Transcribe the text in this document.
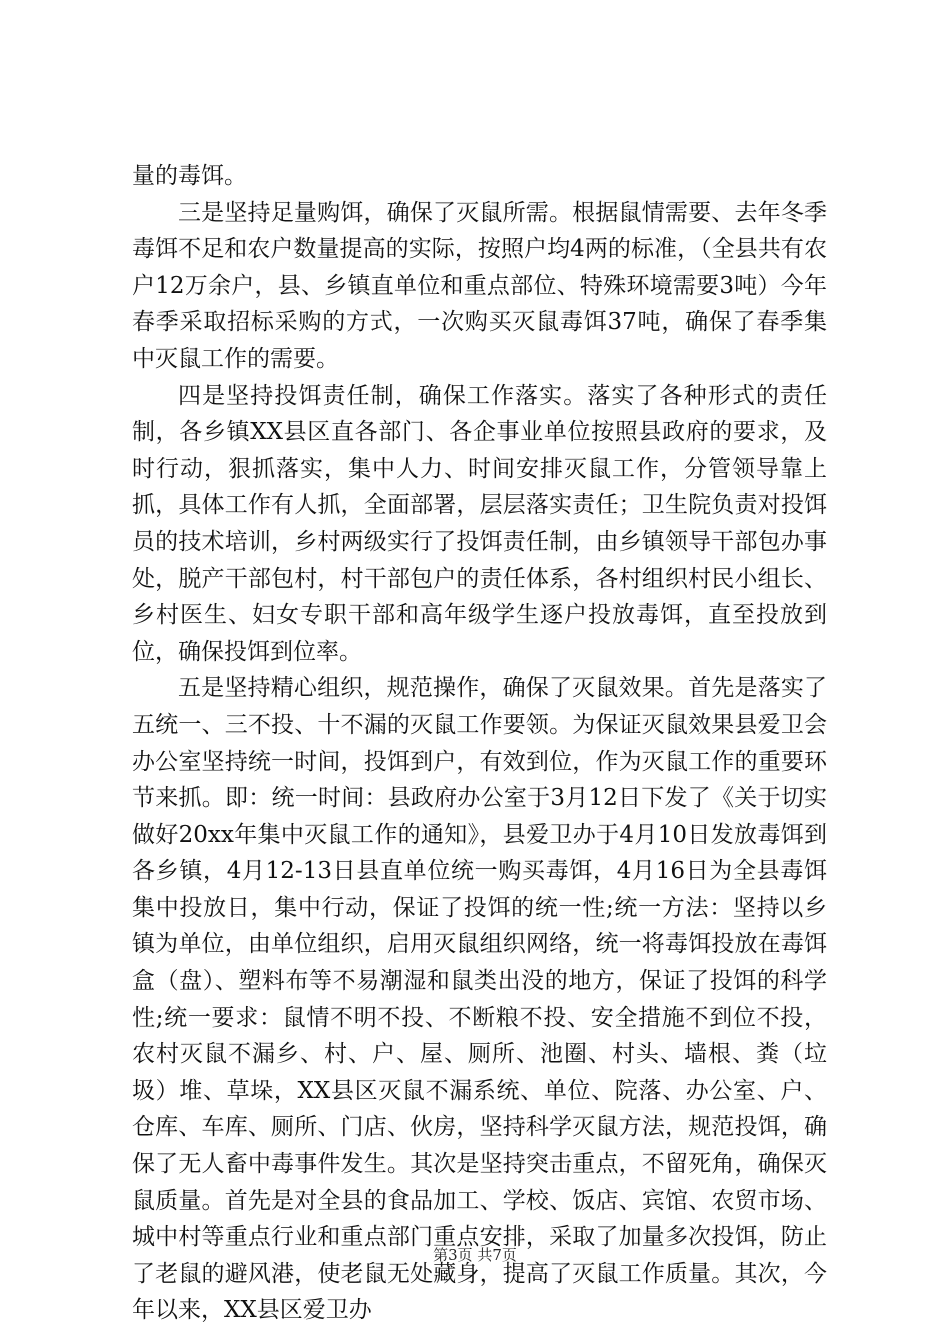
量的毒饵。

三是坚持足量购饵，确保了灭鼠所需。根据鼠情需要、去年冬季毒饵不足和农户数量提高的实际，按照户均4两的标准，（全县共有农户12万余户，县、乡镇直单位和重点部位、特殊环境需要3吨）今年春季采取招标采购的方式，一次购买灭鼠毒饵37吨，确保了春季集中灭鼠工作的需要。

四是坚持投饵责任制，确保工作落实。落实了各种形式的责任制，各乡镇XX县区直各部门、各企事业单位按照县政府的要求，及时行动，狠抓落实，集中人力、时间安排灭鼠工作，分管领导靠上抓，具体工作有人抓，全面部署，层层落实责任；卫生院负责对投饵员的技术培训，乡村两级实行了投饵责任制，由乡镇领导干部包办事处，脱产干部包村，村干部包户的责任体系，各村组织村民小组长、乡村医生、妇女专职干部和高年级学生逐户投放毒饵，直至投放到位，确保投饵到位率。

五是坚持精心组织，规范操作，确保了灭鼠效果。首先是落实了五统一、三不投、十不漏的灭鼠工作要领。为保证灭鼠效果县爱卫会办公室坚持统一时间，投饵到户，有效到位，作为灭鼠工作的重要环节来抓。即：统一时间：县政府办公室于3月12日下发了《关于切实做好20xx年集中灭鼠工作的通知》，县爱卫办于4月10日发放毒饵到各乡镇，4月12-13日县直单位统一购买毒饵，4月16日为全县毒饵集中投放日，集中行动，保证了投饵的统一性;统一方法：坚持以乡镇为单位，由单位组织，启用灭鼠组织网络，统一将毒饵投放在毒饵盒（盘）、塑料布等不易潮湿和鼠类出没的地方，保证了投饵的科学性;统一要求：鼠情不明不投、不断粮不投、安全措施不到位不投，农村灭鼠不漏乡、村、户、屋、厕所、池圈、村头、墙根、粪（垃圾）堆、草垛，XX县区灭鼠不漏系统、单位、院落、办公室、户、仓库、车库、厕所、门店、伙房，坚持科学灭鼠方法，规范投饵，确保了无人畜中毒事件发生。其次是坚持突击重点，不留死角，确保灭鼠质量。首先是对全县的食品加工、学校、饭店、宾馆、农贸市场、城中村等重点行业和重点部门重点安排，采取了加量多次投饵，防止了老鼠的避风港，使老鼠无处藏身，提高了灭鼠工作质量。其次，今年以来，XX县区爱卫办

第3页 共7页
